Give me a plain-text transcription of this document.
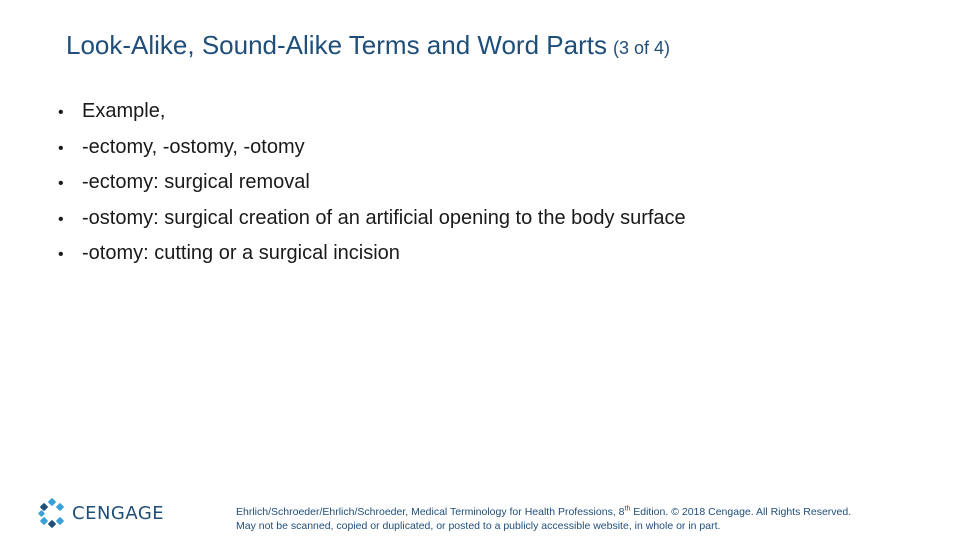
Look-Alike, Sound-Alike Terms and Word Parts (3 of 4)
• Example,
• -ectomy, -ostomy, -otomy
• -ectomy: surgical removal
• -ostomy: surgical creation of an artificial opening to the body surface
• -otomy: cutting or a surgical incision
CENGAGE	Ehrlich/Schroeder/Ehrlich/Schroeder, Medical Terminology for Health Professions, 8th Edition. © 2018 Cengage. All Rights Reserved.
May not be scanned, copied or duplicated, or posted to a publicly accessible website, in whole or in part.
